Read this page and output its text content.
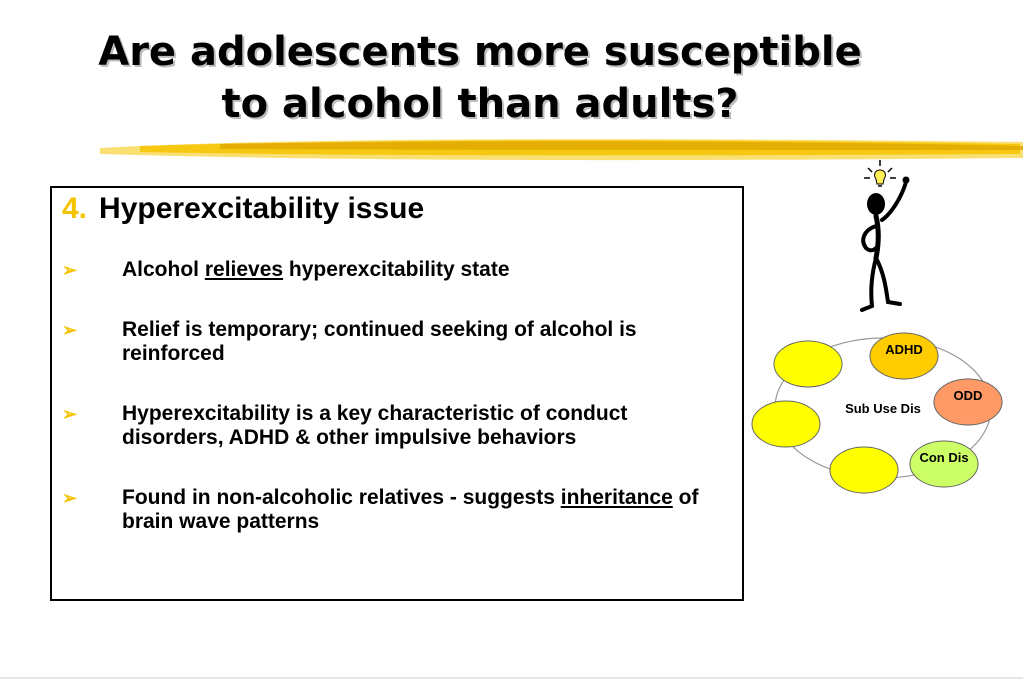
Are adolescents more susceptible
to alcohol than adults?
4. Hyperexcitability issue
➢ Alcohol relieves hyperexcitability state
➢ Relief is temporary; continued seeking of alcohol is reinforced
➢ Hyperexcitability is a key characteristic of conduct disorders, ADHD & other impulsive behaviors
➢ Found in non-alcoholic relatives - suggests inheritance of brain wave patterns
Sub Use Dis
ADHD
ODD
Con Dis
